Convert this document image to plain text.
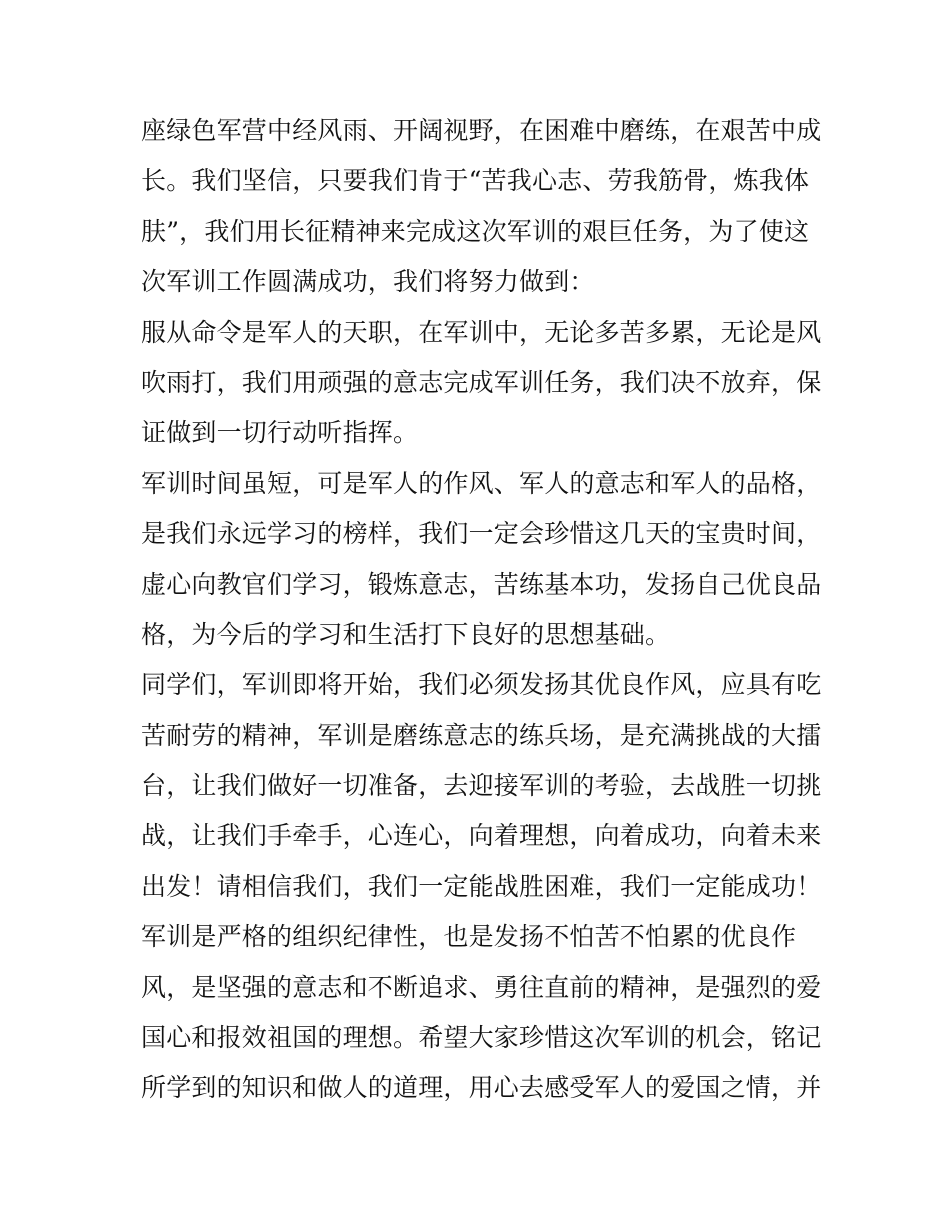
座绿色军营中经风雨、开阔视野，在困难中磨练，在艰苦中成
长。我们坚信，只要我们肯于“苦我心志、劳我筋骨，炼我体
肤”，我们用长征精神来完成这次军训的艰巨任务，为了使这
次军训工作圆满成功，我们将努力做到：
服从命令是军人的天职，在军训中，无论多苦多累，无论是风
吹雨打，我们用顽强的意志完成军训任务，我们决不放弃，保
证做到一切行动听指挥。
军训时间虽短，可是军人的作风、军人的意志和军人的品格，
是我们永远学习的榜样，我们一定会珍惜这几天的宝贵时间，
虚心向教官们学习，锻炼意志，苦练基本功，发扬自己优良品
格，为今后的学习和生活打下良好的思想基础。
同学们，军训即将开始，我们必须发扬其优良作风，应具有吃
苦耐劳的精神，军训是磨练意志的练兵场，是充满挑战的大擂
台，让我们做好一切准备，去迎接军训的考验，去战胜一切挑
战，让我们手牵手，心连心，向着理想，向着成功，向着未来
出发！请相信我们，我们一定能战胜困难，我们一定能成功！
军训是严格的组织纪律性，也是发扬不怕苦不怕累的优良作
风，是坚强的意志和不断追求、勇往直前的精神，是强烈的爱
国心和报效祖国的理想。希望大家珍惜这次军训的机会，铭记
所学到的知识和做人的道理，用心去感受军人的爱国之情，并
